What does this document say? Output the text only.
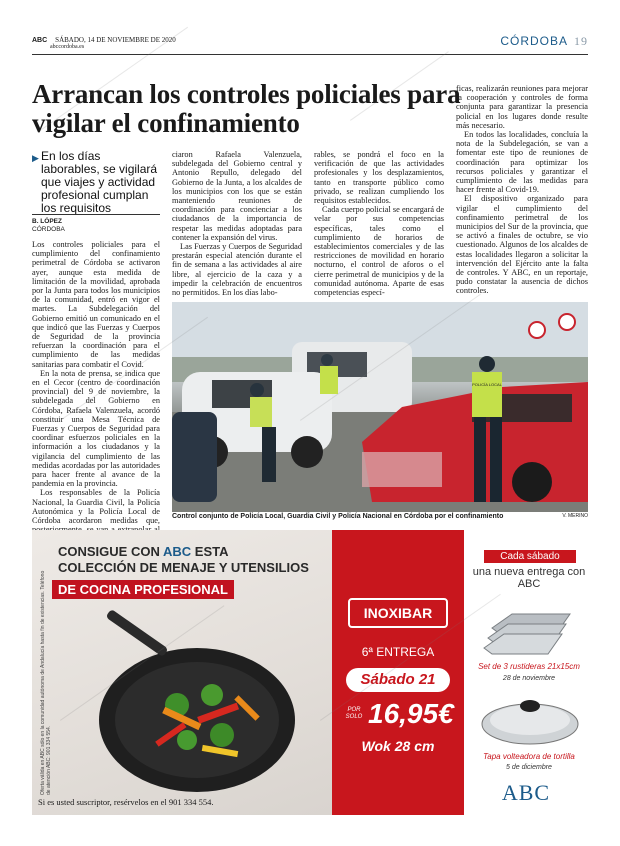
ABC SÁBADO, 14 DE NOVIEMBRE DE 2020
abccordoba.es	CÓRDOBA 19
Arrancan los controles policiales para vigilar el confinamiento
▶ En los días laborables, se vigilará que viajes y actividad profesional cumplan los requisitos
B. LÓPEZ
CÓRDOBA

Los controles policiales para el cumplimiento del confinamiento perimetral de Córdoba se activaron ayer, aunque esta medida de limitación de la movilidad, aprobada por la Junta para todos los municipios de la comunidad, entró en vigor el martes. La Subdelegación del Gobierno emitió un comunicado en el que indicó que las Fuerzas y Cuerpos de Seguridad de la provincia refuerzan la coordinación para el cumplimiento de las medidas sanitarias para combatir el Covid.

En la nota de prensa, se indica que en el Cecor (centro de coordinación provincial) del 9 de noviembre, la subdelegada del Gobierno en Córdoba, Rafaela Valenzuela, acordó constituir una Mesa Técnica de Fuerzas y Cuerpos de Seguridad para coordinar esfuerzos policiales en la información a los ciudadanos y la vigilancia del cumplimiento de las medidas acordadas por las autoridades para hacer frente al avance de la pandemia en la provincia.

Los responsables de la Policía Nacional, la Guardia Civil, la Policía Autonómica y la Policía Local de Córdoba acordaron medidas que,

ciaron Rafaela Valenzuela, subdelegada del Gobierno central y Antonio Repullo, delegado del Gobierno de la Junta, a los alcaldes de los municipios con los que se están manteniendo reuniones de coordinación para concienciar a los ciudadanos de la importancia de respetar las medidas adoptadas para contener la expansión del virus.

Las Fuerzas y Cuerpos de Seguridad prestarán especial atención durante el fin de semana a las actividades al aire libre, al ejercicio de la caza y a impedir la celebración de encuentros no permitidos. En los días labo-

rables, se pondrá el foco en la verificación de que las actividades profesionales y los desplazamientos, tanto en transporte público como privado, se realizan cumpliendo los requisitos establecidos.

Cada cuerpo policial se encargará de velar por sus competencias específicas, tales como el cumplimiento de horarios de establecimientos comerciales y de las restricciones de movilidad en horario nocturno, el control de aforos o el cierre perimetral de municipios y de la comunidad autónoma. Aparte de esas competencias especí-

ficas, realizarán reuniones para mejorar la cooperación y controles de forma conjunta para garantizar la presencia policial en los lugares donde resulte más necesario.

En todos las localidades, concluía la nota de la Subdelegación, se van a fomentar este tipo de reuniones de coordinación para optimizar los recursos policiales y garantizar el cumplimiento de las medidas para hacer frente al Covid-19.

El dispositivo organizado para vigilar el cumplimiento del confinamiento perimetral de los municipios del Sur de la provincia, que se activó a finales de octubre, se vio cuestionado. Algunos de los alcaldes de estas localidades llegaron a solicitar la intervención del Ejército ante la falta de controles. Y ABC, en un reportaje, pudo constatar la ausencia de dichos controles.

POLICÍA LOCAL
Control conjunto de Policía Local, Guardia Civil y Policía Nacional en Córdoba por el confinamiento	V. MERINO
CONSIGUE CON ABC ESTA
COLECCIÓN DE MENAJE Y UTENSILIOS
DE COCINA PROFESIONAL
Oferta válida en ABC sólo en la comunidad autónoma de Andalucía hasta fin de existencias. Teléfono de atención ABC: 901 334 554.
INOXIBAR
6ª ENTREGA
Sábado 21
POR SOLO 16,95€
Wok 28 cm
Cada sábado
una nueva entrega con ABC
Set de 3 rustideras 21x15cm
28 de noviembre
Tapa volteadora de tortilla
5 de diciembre
ABC
Si es usted suscriptor, resérvelos en el 901 334 554.
